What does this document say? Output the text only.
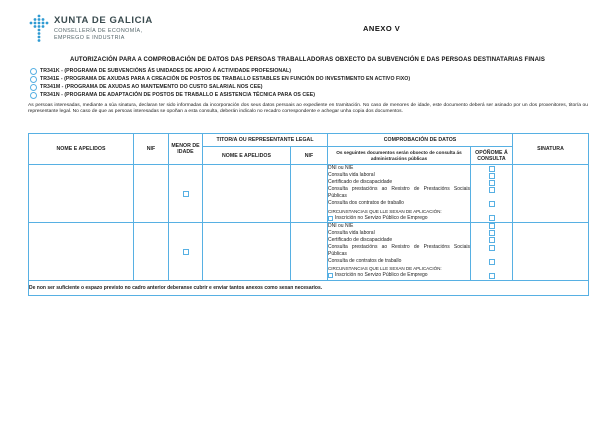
XUNTA DE GALICIA
CONSELLERÍA DE ECONOMÍA,
EMPREGO E INDUSTRIA
ANEXO V
AUTORIZACIÓN PARA A COMPROBACIÓN DE DATOS DAS PERSOAS TRABALLADORAS OBXECTO DA SUBVENCIÓN E DAS PERSOAS DESTINATARIAS FINAIS
TR341K - (PROGRAMA DE SUBVENCIÓNS ÁS UNIDADES DE APOIO Á ACTIVIDADE PROFESIONAL)
TR341E - (PROGRAMA DE AXUDAS PARA A CREACIÓN DE POSTOS DE TRABALLO ESTABLES EN FUNCIÓN DO INVESTIMENTO EN ACTIVO FIXO)
TR341M - (PROGRAMA DE AXUDAS AO MANTEMENTO DO CUSTO SALARIAL NOS CEE)
TR341N - (PROGRAMA DE ADAPTACIÓN DE POSTOS DE TRABALLO E ASISTENCIA TÉCNICA PARA OS CEE)
As persoas interesadas, mediante a súa sinatura, declaran ter sido informadas da incorporación dos seus datos persoais ao expediente en tramitación. No caso de menores de idade, este documento deberá ser asinado por un dos proxenitores, titor/a ou representante legal. No caso de que as persoas interesadas se opoñan a esta consulta, deberán indicalo no recadro correspondente e achegar unha copia dos documentos.
NOME E APELIDOS	NIF	MENOR DE IDADE	TITOR/A OU REPRESENTANTE LEGAL		COMPROBACIÓN DE DATOS		SINATURA
			NOME E APELIDOS	NIF	Os seguintes documentos serán obxecto de consulta ás administracións públicas	OPÓÑOME Á CONSULTA	

DNI ou NIE
Consulta vida laboral
Certificado de discapacidade
Consulta prestacións ao Rexistro de Prestacións Sociais Públicas
Consulta dos contratos de traballo
CIRCUNSTANCIAS QUE LLE SEXAN DE APLICACIÓN:
Inscrición no Servizo Público de Emprego

DNI ou NIE
Consulta vida laboral
Certificado de discapacidade
Consulta prestacións ao Rexistro de Prestacións Sociais Públicas
Consulta de contratos de traballo
CIRCUNSTANCIAS QUE LLE SEXAN DE APLICACIÓN:
Inscrición no Servizo Público de Emprego

De non ser suficiente o espazo previsto no cadro anterior deberanse cubrir e enviar tantos anexos como sexan necesarios.							
